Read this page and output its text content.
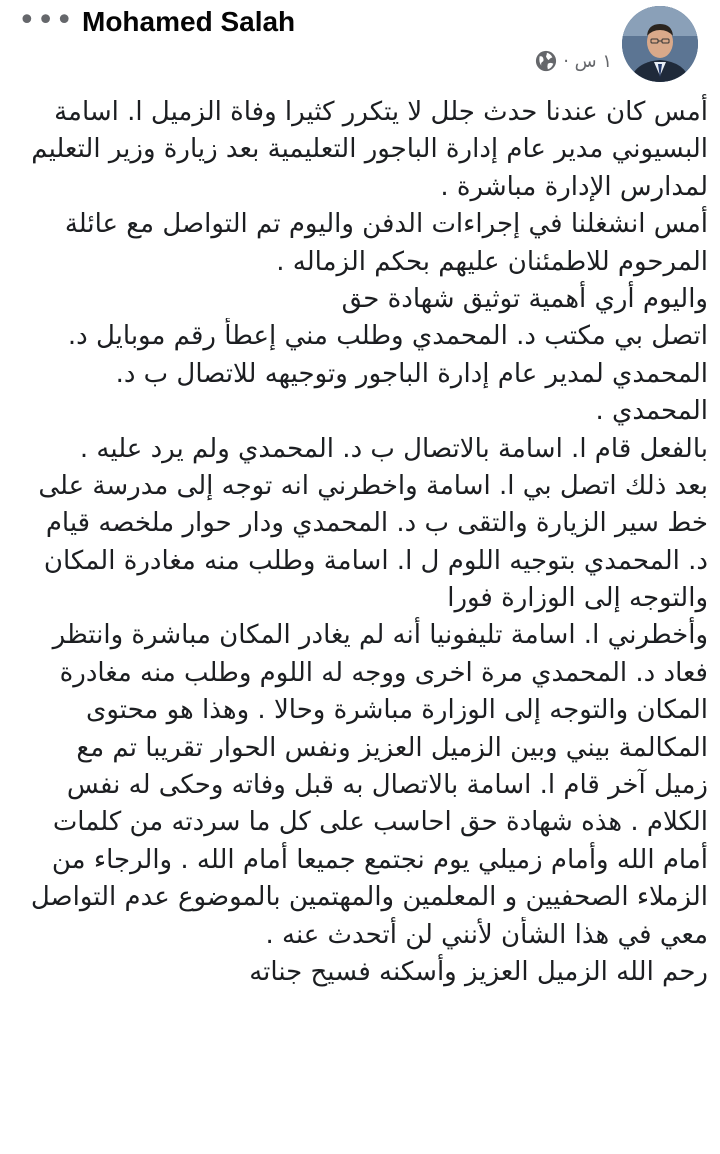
••• Mohamed Salah
١ س ·
أمس كان عندنا حدث جلل لا يتكرر كثيرا وفاة الزميل ا. اسامة
البسيوني مدير عام إدارة الباجور التعليمية بعد زيارة وزير التعليم
لمدارس الإدارة مباشرة .
أمس انشغلنا في إجراءات الدفن واليوم تم التواصل مع عائلة
المرحوم للاطمئنان عليهم بحكم الزماله .
واليوم أري أهمية توثيق شهادة حق
اتصل بي مكتب د. المحمدي وطلب مني إعطأ رقم موبايل د.
المحمدي لمدير عام إدارة الباجور وتوجيهه للاتصال ب د.
المحمدي .
بالفعل قام ا. اسامة بالاتصال ب د. المحمدي ولم يرد عليه .
بعد ذلك اتصل بي ا. اسامة واخطرني انه توجه إلى مدرسة على
خط سير الزيارة والتقى ب د. المحمدي ودار حوار ملخصه قيام
د. المحمدي بتوجيه اللوم ل ا. اسامة وطلب منه مغادرة المكان
والتوجه إلى الوزارة فورا
وأخطرني ا. اسامة تليفونيا أنه لم يغادر المكان مباشرة وانتظر
فعاد د. المحمدي مرة اخرى ووجه له اللوم وطلب منه مغادرة
المكان والتوجه إلى الوزارة مباشرة وحالا . وهذا هو محتوى
المكالمة بيني وبين الزميل العزيز ونفس الحوار تقريبا تم مع
زميل آخر قام ا. اسامة بالاتصال به قبل وفاته وحكى له نفس
الكلام . هذه شهادة حق احاسب على كل ما سردته من كلمات
أمام الله وأمام زميلي يوم نجتمع جميعا أمام الله . والرجاء من
الزملاء الصحفيين و المعلمين والمهتمين بالموضوع عدم التواصل
معي في هذا الشأن لأنني لن أتحدث عنه .
رحم الله الزميل العزيز وأسكنه فسيح جناته
